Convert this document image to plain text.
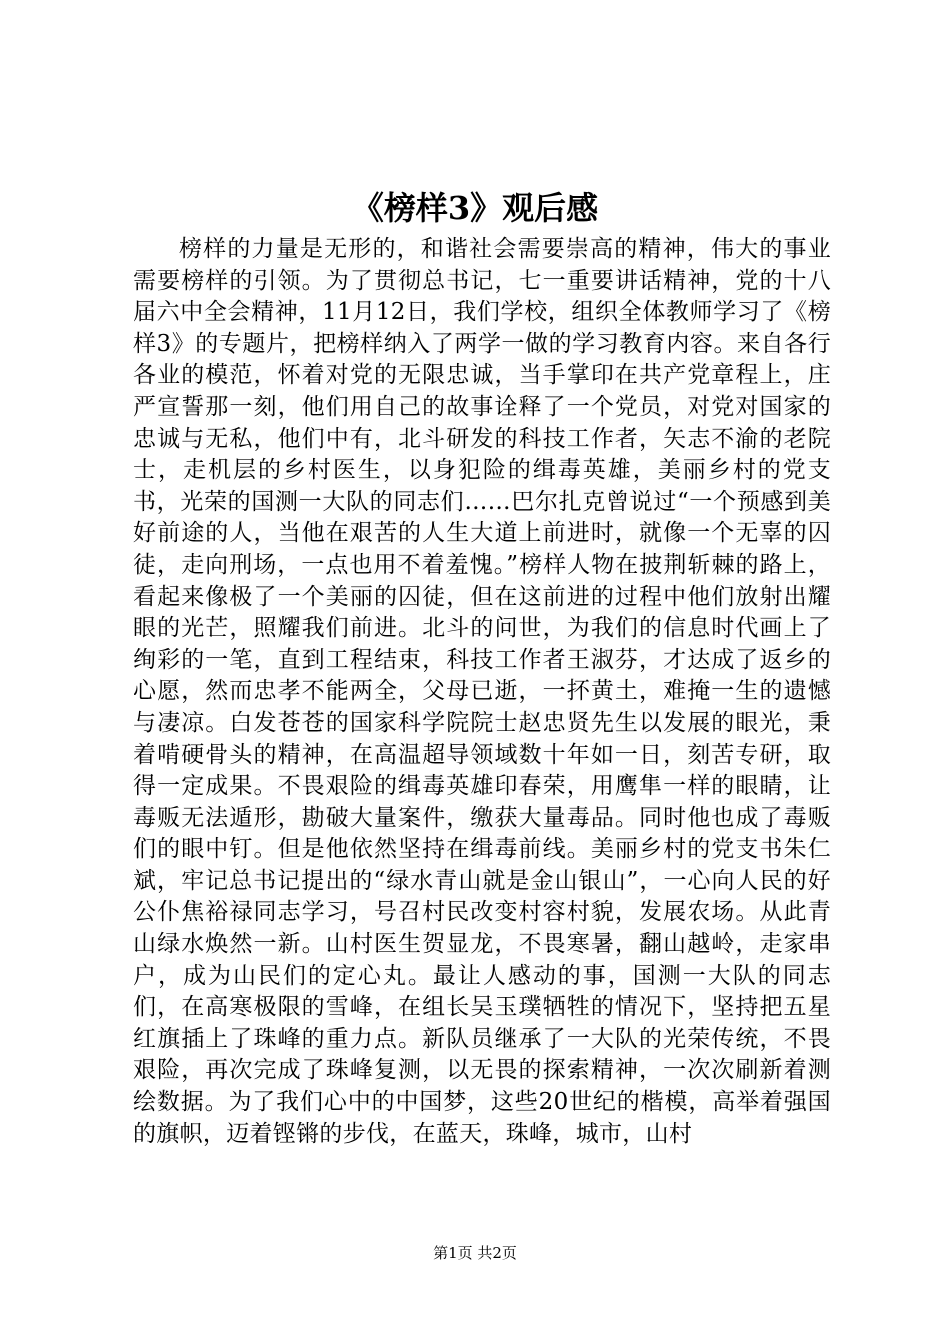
《榜样3》观后感

榜样的力量是无形的，和谐社会需要崇高的精神，伟大的事业需要榜样的引领。为了贯彻总书记，七一重要讲话精神，党的十八届六中全会精神，11月12日，我们学校，组织全体教师学习了《榜样3》的专题片，把榜样纳入了两学一做的学习教育内容。来自各行各业的模范，怀着对党的无限忠诚，当手掌印在共产党章程上，庄严宣誓那一刻，他们用自己的故事诠释了一个党员，对党对国家的忠诚与无私，他们中有，北斗研发的科技工作者，矢志不渝的老院士，走机层的乡村医生，以身犯险的缉毒英雄，美丽乡村的党支书，光荣的国测一大队的同志们……巴尔扎克曾说过“一个预感到美好前途的人，当他在艰苦的人生大道上前进时，就像一个无辜的囚徒，走向刑场，一点也用不着羞愧。”榜样人物在披荆斩棘的路上，看起来像极了一个美丽的囚徒，但在这前进的过程中他们放射出耀眼的光芒，照耀我们前进。北斗的问世，为我们的信息时代画上了绚彩的一笔，直到工程结束，科技工作者王淑芬，才达成了返乡的心愿，然而忠孝不能两全，父母已逝，一抔黄土，难掩一生的遗憾与凄凉。白发苍苍的国家科学院院士赵忠贤先生以发展的眼光，秉着啃硬骨头的精神，在高温超导领域数十年如一日，刻苦专研，取得一定成果。不畏艰险的缉毒英雄印春荣，用鹰隼一样的眼睛，让毒贩无法遁形，勘破大量案件，缴获大量毒品。同时他也成了毒贩们的眼中钉。但是他依然坚持在缉毒前线。美丽乡村的党支书朱仁斌，牢记总书记提出的“绿水青山就是金山银山”，一心向人民的好公仆焦裕禄同志学习，号召村民改变村容村貌，发展农场。从此青山绿水焕然一新。山村医生贺显龙，不畏寒暑，翻山越岭，走家串户，成为山民们的定心丸。最让人感动的事，国测一大队的同志们，在高寒极限的雪峰，在组长吴玉璞牺牲的情况下，坚持把五星红旗插上了珠峰的重力点。新队员继承了一大队的光荣传统，不畏艰险，再次完成了珠峰复测，以无畏的探索精神，一次次刷新着测绘数据。为了我们心中的中国梦，这些20世纪的楷模，高举着强国的旗帜，迈着铿锵的步伐，在蓝天，珠峰，城市，山村

第1页 共2页
